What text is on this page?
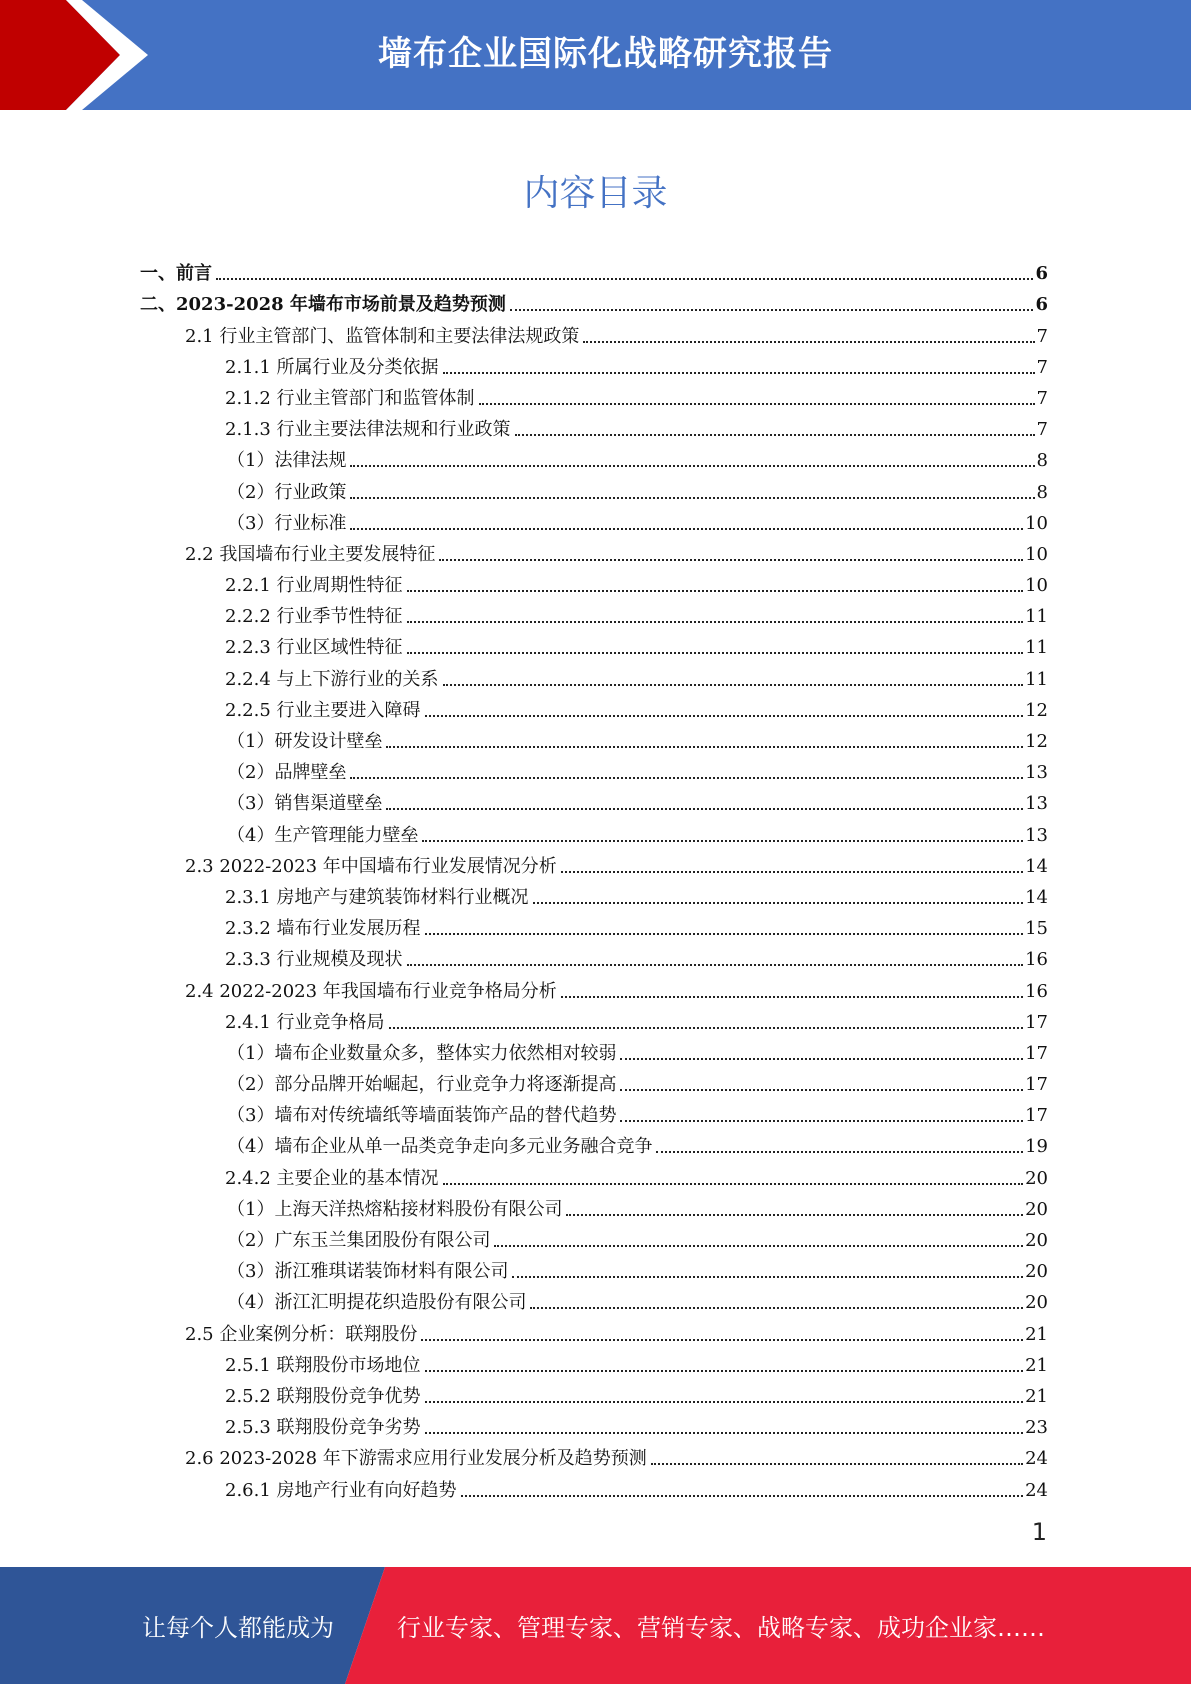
墙布企业国际化战略研究报告
内容目录
一、前言	6
二、2023-2028 年墙布市场前景及趋势预测	6
2.1 行业主管部门、监管体制和主要法律法规政策	7
2.1.1 所属行业及分类依据	7
2.1.2 行业主管部门和监管体制	7
2.1.3 行业主要法律法规和行业政策	7
（1）法律法规	8
（2）行业政策	8
（3）行业标准	10
2.2 我国墙布行业主要发展特征	10
2.2.1 行业周期性特征	10
2.2.2 行业季节性特征	11
2.2.3 行业区域性特征	11
2.2.4 与上下游行业的关系	11
2.2.5 行业主要进入障碍	12
（1）研发设计壁垒	12
（2）品牌壁垒	13
（3）销售渠道壁垒	13
（4）生产管理能力壁垒	13
2.3 2022-2023 年中国墙布行业发展情况分析	14
2.3.1 房地产与建筑装饰材料行业概况	14
2.3.2 墙布行业发展历程	15
2.3.3 行业规模及现状	16
2.4 2022-2023 年我国墙布行业竞争格局分析	16
2.4.1 行业竞争格局	17
（1）墙布企业数量众多，整体实力依然相对较弱	17
（2）部分品牌开始崛起，行业竞争力将逐渐提高	17
（3）墙布对传统墙纸等墙面装饰产品的替代趋势	17
（4）墙布企业从单一品类竞争走向多元业务融合竞争	19
2.4.2 主要企业的基本情况	20
（1）上海天洋热熔粘接材料股份有限公司	20
（2）广东玉兰集团股份有限公司	20
（3）浙江雅琪诺装饰材料有限公司	20
（4）浙江汇明提花织造股份有限公司	20
2.5 企业案例分析：联翔股份	21
2.5.1 联翔股份市场地位	21
2.5.2 联翔股份竞争优势	21
2.5.3 联翔股份竞争劣势	23
2.6 2023-2028 年下游需求应用行业发展分析及趋势预测	24
2.6.1 房地产行业有向好趋势	24
1
让每个人都能成为	行业专家、管理专家、营销专家、战略专家、成功企业家……
